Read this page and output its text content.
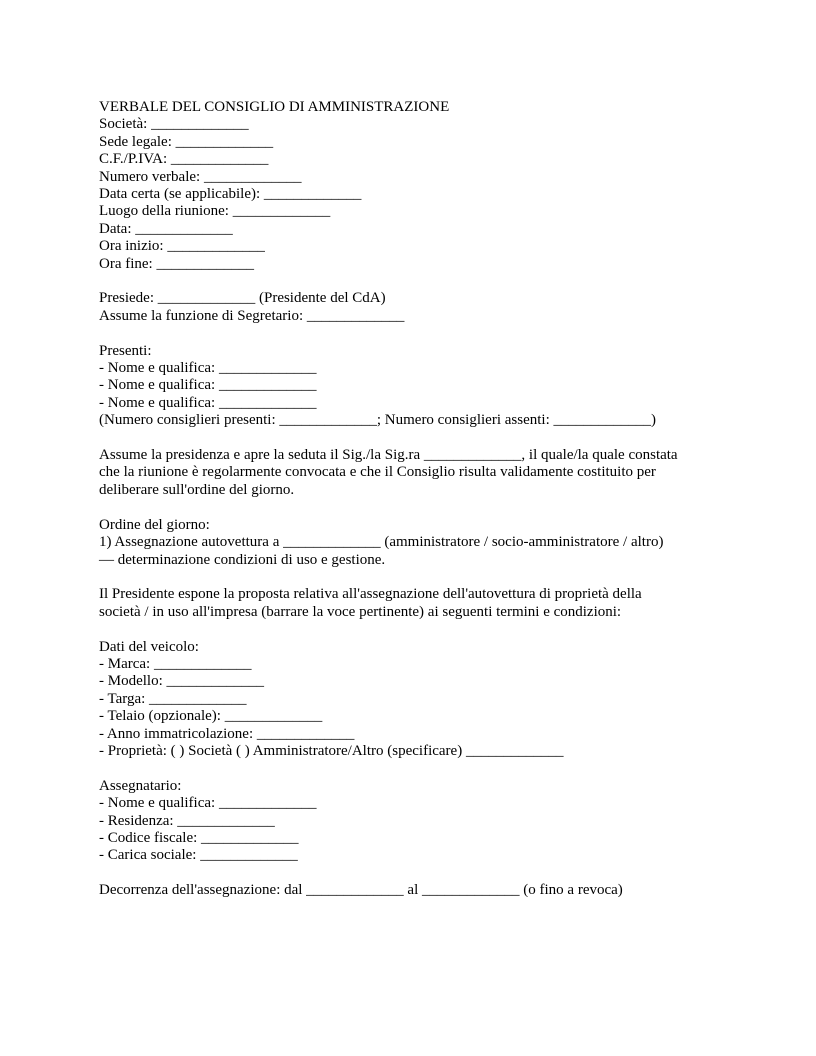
VERBALE DEL CONSIGLIO DI AMMINISTRAZIONE
Società: _____________
Sede legale: _____________
C.F./P.IVA: _____________
Numero verbale: _____________
Data certa (se applicabile): _____________
Luogo della riunione: _____________
Data: _____________
Ora inizio: _____________
Ora fine: _____________
Presiede: _____________ (Presidente del CdA)
Assume la funzione di Segretario: _____________
Presenti:
- Nome e qualifica: _____________
- Nome e qualifica: _____________
- Nome e qualifica: _____________
(Numero consiglieri presenti: _____________; Numero consiglieri assenti: _____________)
Assume la presidenza e apre la seduta il Sig./la Sig.ra _____________, il quale/la quale constata
che la riunione è regolarmente convocata e che il Consiglio risulta validamente costituito per
deliberare sull'ordine del giorno.
Ordine del giorno:
1) Assegnazione autovettura a _____________ (amministratore / socio-amministratore / altro)
— determinazione condizioni di uso e gestione.
Il Presidente espone la proposta relativa all'assegnazione dell'autovettura di proprietà della
società / in uso all'impresa (barrare la voce pertinente) ai seguenti termini e condizioni:
Dati del veicolo:
- Marca: _____________
- Modello: _____________
- Targa: _____________
- Telaio (opzionale): _____________
- Anno immatricolazione: _____________
- Proprietà: ( ) Società ( ) Amministratore/Altro (specificare) _____________
Assegnatario:
- Nome e qualifica: _____________
- Residenza: _____________
- Codice fiscale: _____________
- Carica sociale: _____________
Decorrenza dell'assegnazione: dal _____________ al _____________ (o fino a revoca)
